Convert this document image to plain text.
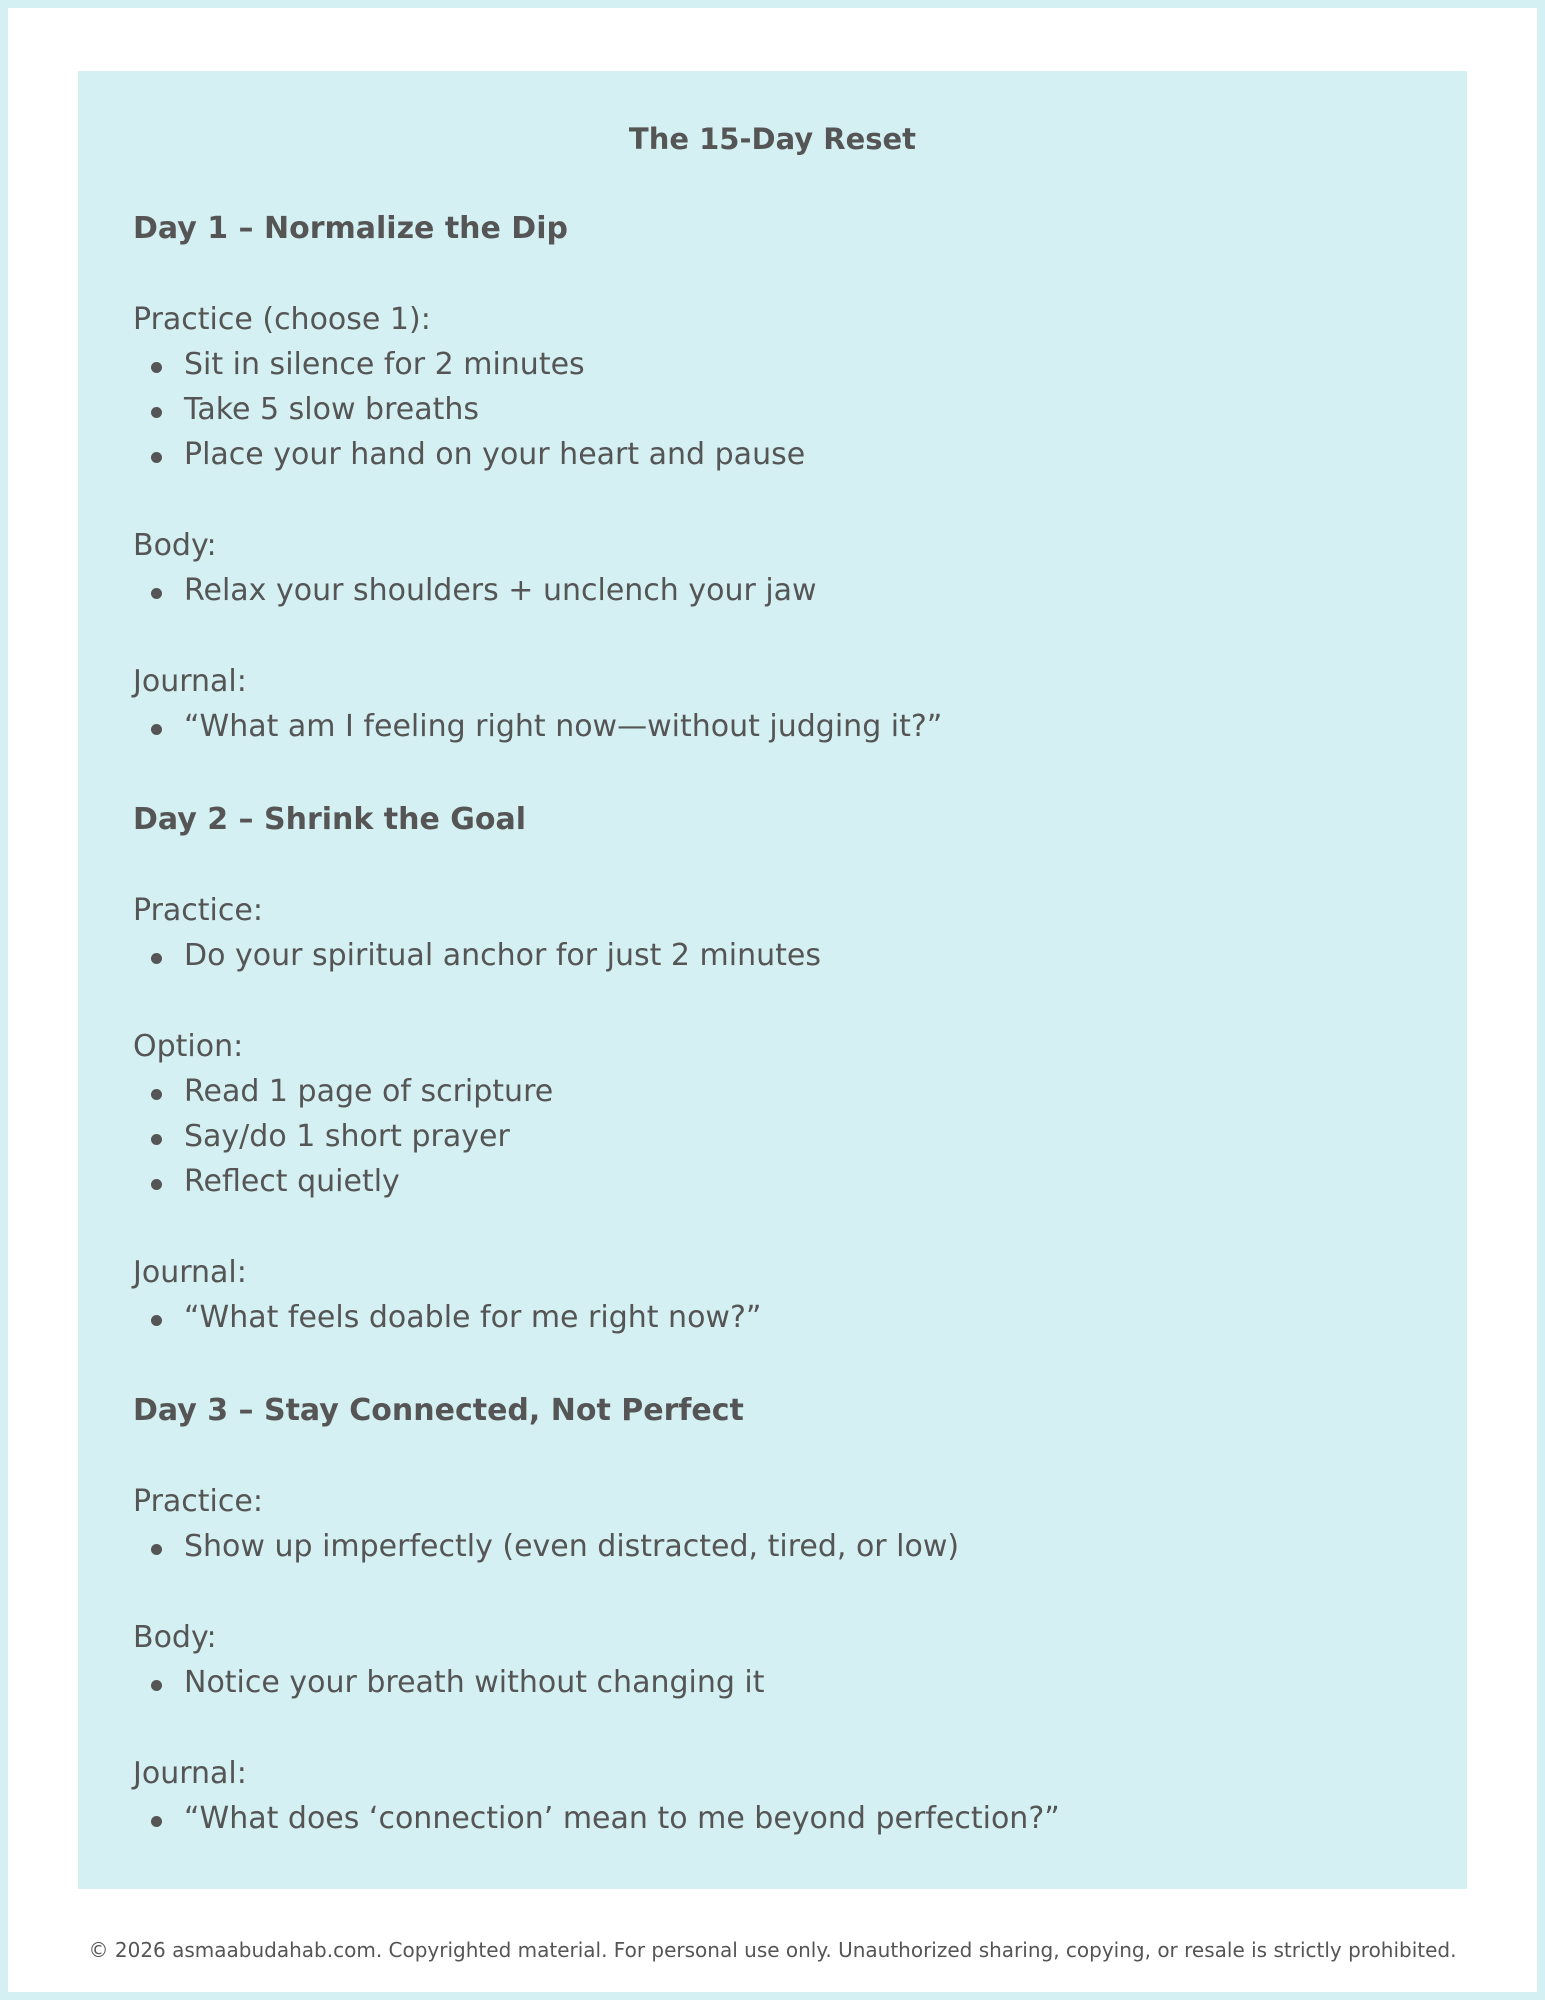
The 15-Day Reset
Day 1 – Normalize the Dip

Practice (choose 1):

Sit in silence for 2 minutes
Take 5 slow breaths
Place your hand on your heart and pause

Body:

Relax your shoulders + unclench your jaw

Journal:

“What am I feeling right now—without judging it?”
Day 2 – Shrink the Goal

Practice:

Do your spiritual anchor for just 2 minutes

Option:

Read 1 page of scripture
Say/do 1 short prayer
Reflect quietly

Journal:

“What feels doable for me right now?”
Day 3 – Stay Connected, Not Perfect

Practice:

Show up imperfectly (even distracted, tired, or low)

Body:

Notice your breath without changing it

Journal:

“What does ‘connection’ mean to me beyond perfection?”
© 2026 asmaabudahab.com. Copyrighted material. For personal use only. Unauthorized sharing, copying, or resale is strictly prohibited.
